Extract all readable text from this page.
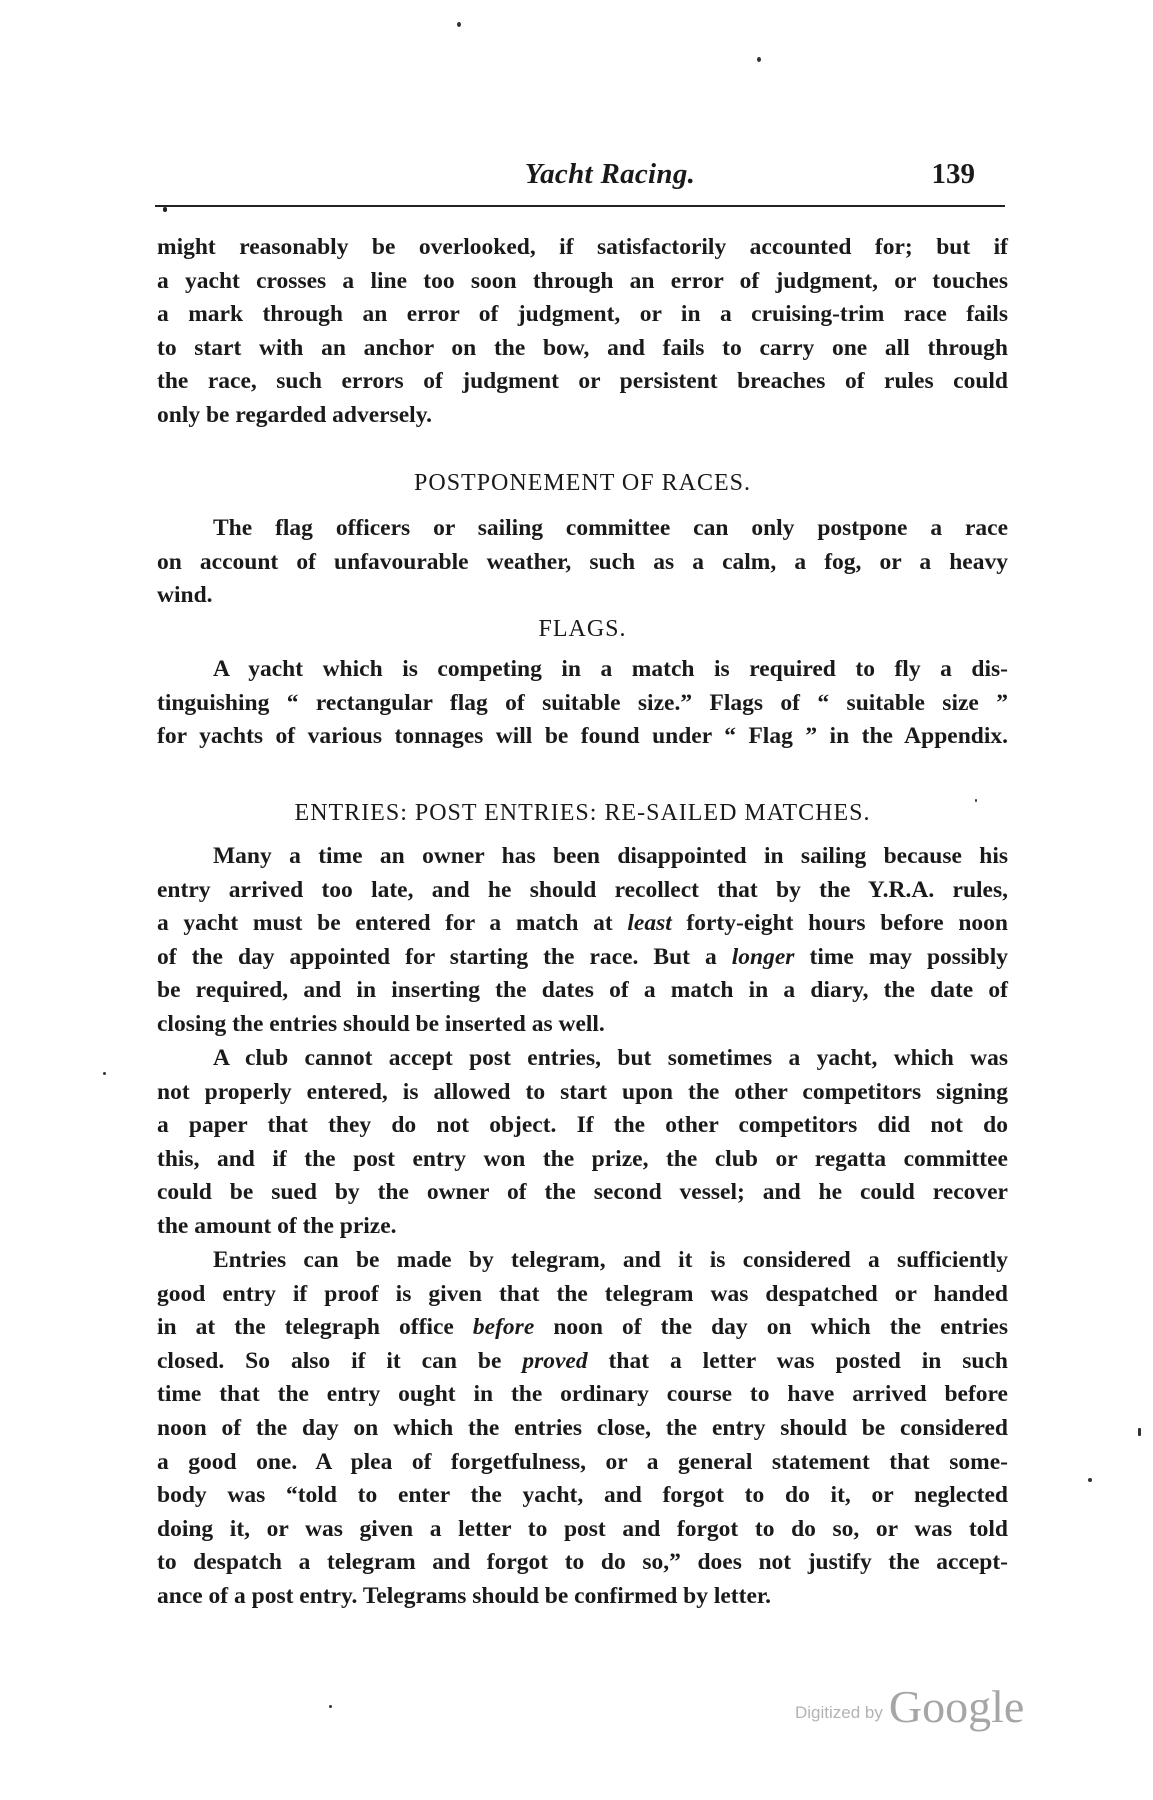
Yacht Racing.	139
might reasonably be overlooked, if satisfactorily accounted for; but if
a yacht crosses a line too soon through an error of judgment, or touches
a mark through an error of judgment, or in a cruising-trim race fails
to start with an anchor on the bow, and fails to carry one all through
the race, such errors of judgment or persistent breaches of rules could
only be regarded adversely.
POSTPONEMENT OF RACES.
The flag officers or sailing committee can only postpone a race
on account of unfavourable weather, such as a calm, a fog, or a heavy
wind.
FLAGS.
A yacht which is competing in a match is required to fly a dis-
tinguishing “ rectangular flag of suitable size.” Flags of “ suitable size ”
for yachts of various tonnages will be found under “ Flag ” in the Appendix.
ENTRIES: POST ENTRIES: RE-SAILED MATCHES.
Many a time an owner has been disappointed in sailing because his
entry arrived too late, and he should recollect that by the Y.R.A. rules,
a yacht must be entered for a match at least forty-eight hours before noon
of the day appointed for starting the race. But a longer time may possibly
be required, and in inserting the dates of a match in a diary, the date of
closing the entries should be inserted as well.
A club cannot accept post entries, but sometimes a yacht, which was
not properly entered, is allowed to start upon the other competitors signing
a paper that they do not object. If the other competitors did not do
this, and if the post entry won the prize, the club or regatta committee
could be sued by the owner of the second vessel; and he could recover
the amount of the prize.
Entries can be made by telegram, and it is considered a sufficiently
good entry if proof is given that the telegram was despatched or handed
in at the telegraph office before noon of the day on which the entries
closed. So also if it can be proved that a letter was posted in such
time that the entry ought in the ordinary course to have arrived before
noon of the day on which the entries close, the entry should be considered
a good one. A plea of forgetfulness, or a general statement that some-
body was “told to enter the yacht, and forgot to do it, or neglected
doing it, or was given a letter to post and forgot to do so, or was told
to despatch a telegram and forgot to do so,” does not justify the accept-
ance of a post entry. Telegrams should be confirmed by letter.
Digitized by Google
